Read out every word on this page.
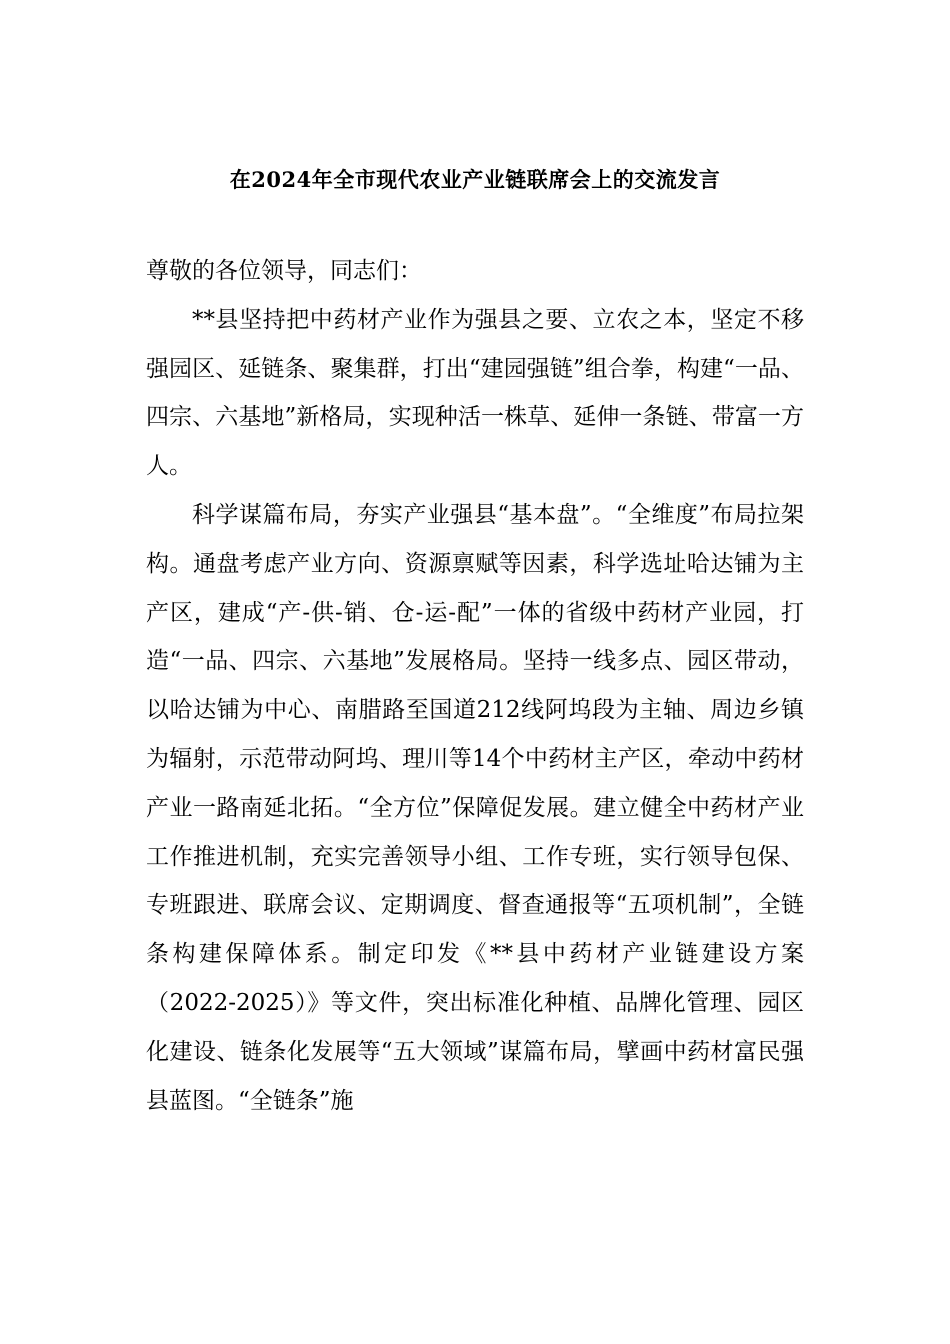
在2024年全市现代农业产业链联席会上的交流发言

尊敬的各位领导，同志们：

**县坚持把中药材产业作为强县之要、立农之本，坚定不移强园区、延链条、聚集群，打出“建园强链”组合拳，构建“一品、四宗、六基地”新格局，实现种活一株草、延伸一条链、带富一方人。

科学谋篇布局，夯实产业强县“基本盘”。“全维度”布局拉架构。通盘考虑产业方向、资源禀赋等因素，科学选址哈达铺为主产区，建成“产-供-销、仓-运-配”一体的省级中药材产业园，打造“一品、四宗、六基地”发展格局。坚持一线多点、园区带动，以哈达铺为中心、南腊路至国道212线阿坞段为主轴、周边乡镇为辐射，示范带动阿坞、理川等14个中药材主产区，牵动中药材产业一路南延北拓。“全方位”保障促发展。建立健全中药材产业工作推进机制，充实完善领导小组、工作专班，实行领导包保、专班跟进、联席会议、定期调度、督查通报等“五项机制”，全链条构建保障体系。制定印发《**县中药材产业链建设方案（2022-2025）》等文件，突出标准化种植、品牌化管理、园区化建设、链条化发展等“五大领域”谋篇布局，擘画中药材富民强县蓝图。“全链条”施
